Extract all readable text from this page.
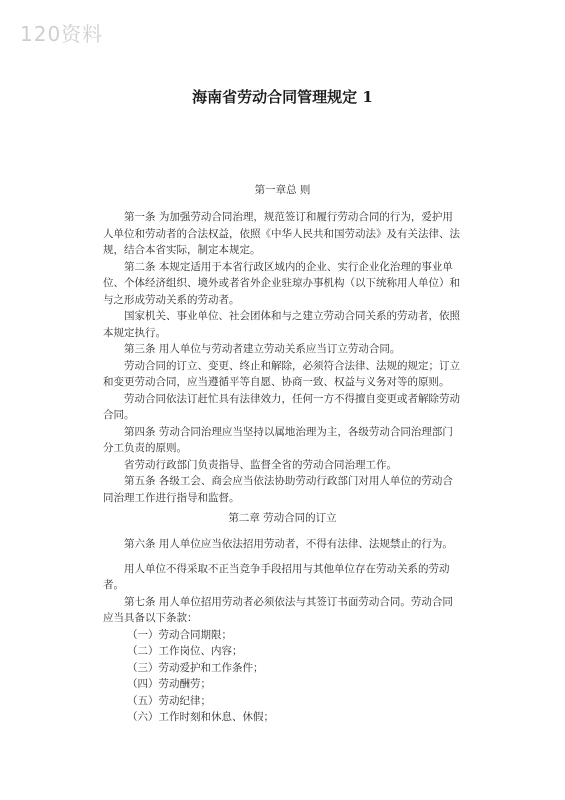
120资料
海南省劳动合同管理规定 1
第一章总 则

第一条 为加强劳动合同治理，规范签订和履行劳动合同的行为，爱护用人单位和劳动者的合法权益，依照《中华人民共和国劳动法》及有关法律、法规，结合本省实际，制定本规定。

第二条 本规定适用于本省行政区域内的企业、实行企业化治理的事业单位、个体经济组织、境外或者省外企业驻琼办事机构（以下统称用人单位）和与之形成劳动关系的劳动者。

国家机关、事业单位、社会团体和与之建立劳动合同关系的劳动者，依照本规定执行。

第三条 用人单位与劳动者建立劳动关系应当订立劳动合同。

劳动合同的订立、变更、终止和解除，必须符合法律、法规的规定；订立和变更劳动合同，应当遵循平等自愿、协商一致、权益与义务对等的原则。

劳动合同依法订赶忙具有法律效力，任何一方不得擅自变更或者解除劳动合同。

第四条 劳动合同治理应当坚持以属地治理为主，各级劳动合同治理部门分工负责的原则。

省劳动行政部门负责指导、监督全省的劳动合同治理工作。

第五条 各级工会、商会应当依法协助劳动行政部门对用人单位的劳动合同治理工作进行指导和监督。

第二章 劳动合同的订立

第六条 用人单位应当依法招用劳动者，不得有法律、法规禁止的行为。

用人单位不得采取不正当竞争手段招用与其他单位存在劳动关系的劳动者。

第七条 用人单位招用劳动者必须依法与其签订书面劳动合同。劳动合同应当具备以下条款：

（一）劳动合同期限；

（二）工作岗位、内容；

（三）劳动爱护和工作条件；

（四）劳动酬劳；

（五）劳动纪律；

（六）工作时刻和休息、休假；
